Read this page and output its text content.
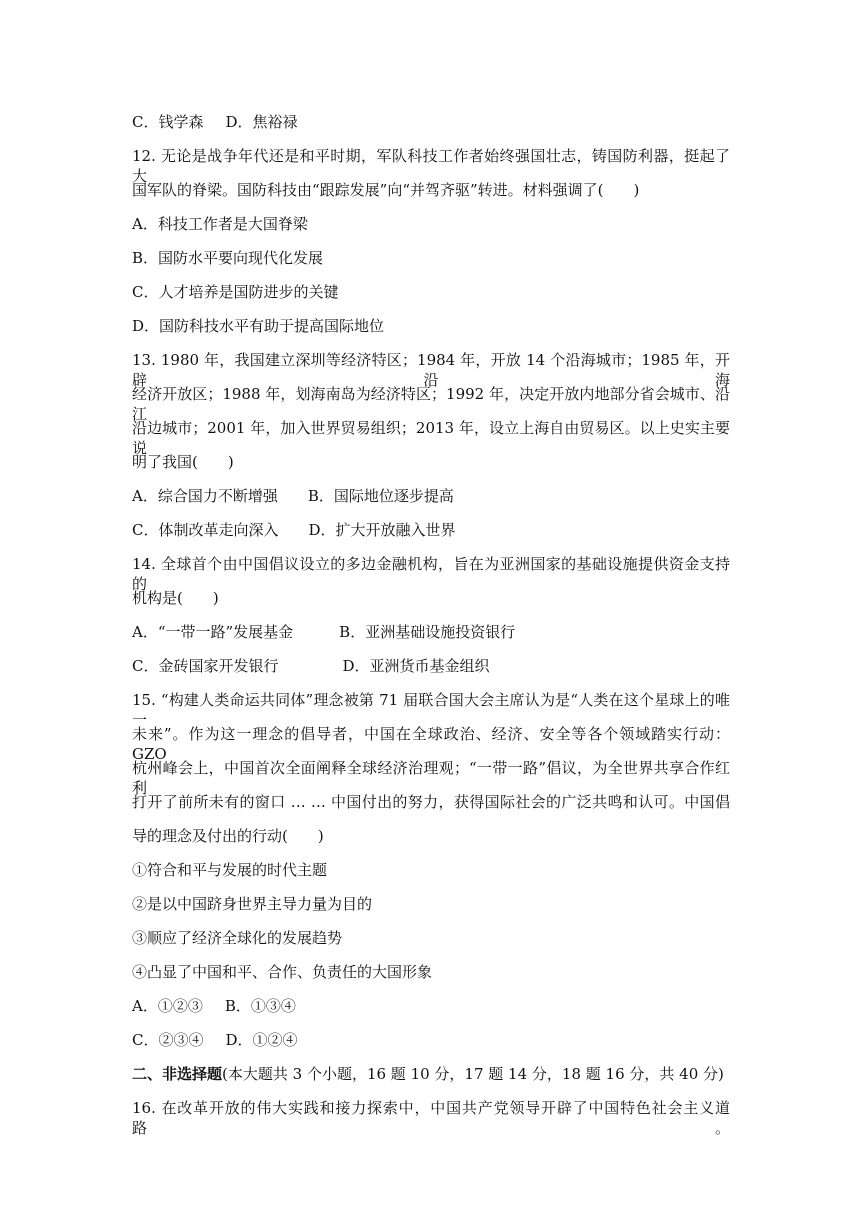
C．钱学森 D．焦裕禄
12. 无论是战争年代还是和平时期，军队科技工作者始终强国壮志，铸国防利器，挺起了大
国军队的脊梁。国防科技由“跟踪发展”向“并驾齐驱”转进。材料强调了(　　)
A．科技工作者是大国脊梁
B．国防水平要向现代化发展
C．人才培养是国防进步的关键
D．国防科技水平有助于提高国际地位
13. 1980 年，我国建立深圳等经济特区；1984 年，开放 14 个沿海城市；1985 年，开辟沿海
经济开放区；1988 年，划海南岛为经济特区；1992 年，决定开放内地部分省会城市、沿江
沿边城市；2001 年，加入世界贸易组织；2013 年，设立上海自由贸易区。以上史实主要说
明了我国(　　)
A．综合国力不断增强 B．国际地位逐步提高
C．体制改革走向深入 D．扩大开放融入世界
14. 全球首个由中国倡议设立的多边金融机构，旨在为亚洲国家的基础设施提供资金支持的
机构是(　　)
A．“一带一路”发展基金	B．亚洲基础设施投资银行
C．金砖国家开发银行	D．亚洲货币基金组织
15. “构建人类命运共同体”理念被第 71 届联合国大会主席认为是“人类在这个星球上的唯一
未来”。作为这一理念的倡导者，中国在全球政治、经济、安全等各个领域踏实行动： GZO
杭州峰会上，中国首次全面阐释全球经济治理观；“一带一路”倡议，为全世界共享合作红利
打开了前所未有的窗口 … … 中国付出的努力，获得国际社会的广泛共鸣和认可。中国倡
导的理念及付出的行动(　　)
①符合和平与发展的时代主题
②是以中国跻身世界主导力量为目的
③顺应了经济全球化的发展趋势
④凸显了中国和平、合作、负责任的大国形象
A．①②③ B．①③④
C．②③④ D．①②④
二、非选择题(本大题共 3 个小题，16 题 10 分，17 题 14 分，18 题 16 分，共 40 分)
16. 在改革开放的伟大实践和接力探索中，中国共产党领导开辟了中国特色社会主义道路。
